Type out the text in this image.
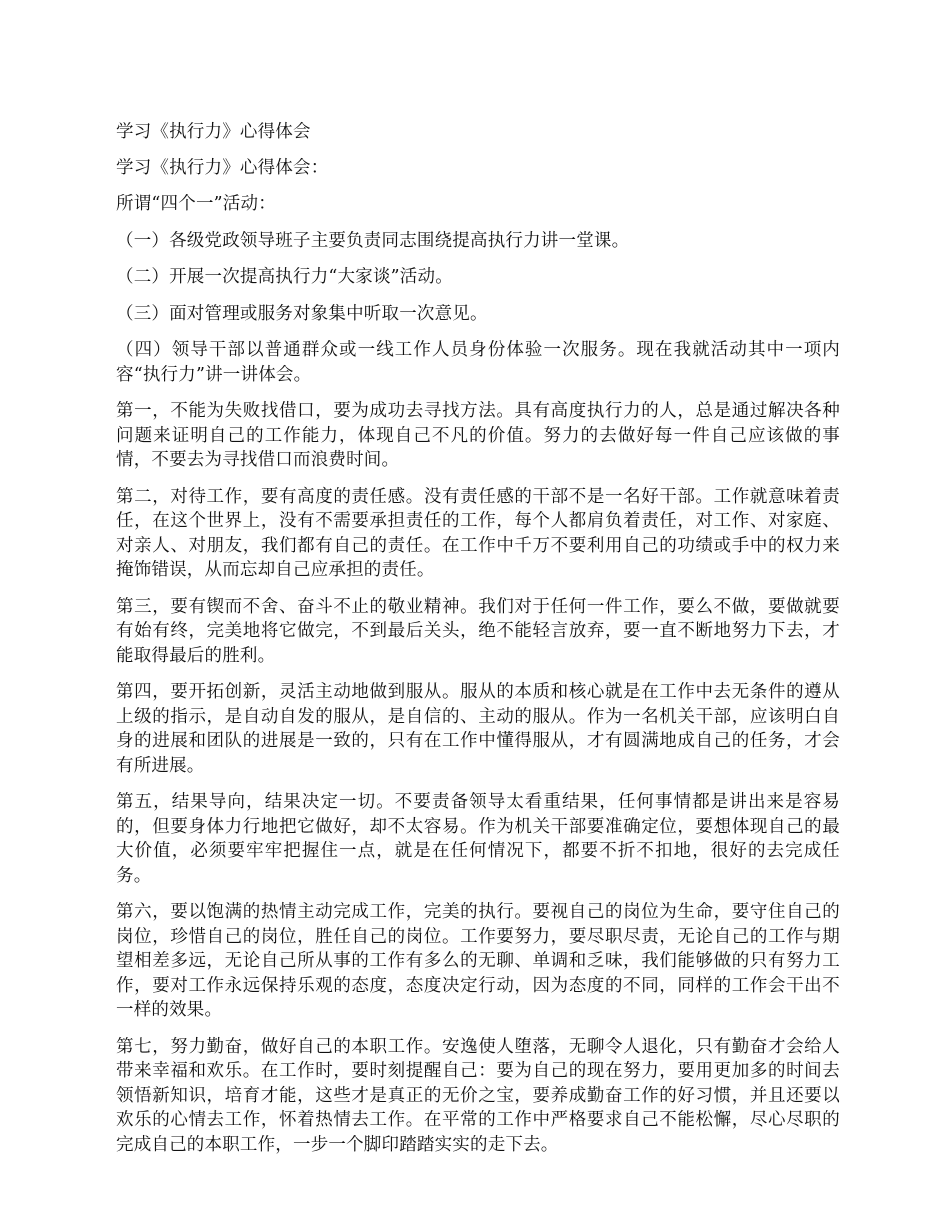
学习《执行力》心得体会

学习《执行力》心得体会：

所谓“四个一”活动：

（一）各级党政领导班子主要负责同志围绕提高执行力讲一堂课。

（二）开展一次提高执行力“大家谈”活动。

（三）面对管理或服务对象集中听取一次意见。

（四）领导干部以普通群众或一线工作人员身份体验一次服务。现在我就活动其中一项内容“执行力”讲一讲体会。

第一，不能为失败找借口，要为成功去寻找方法。具有高度执行力的人，总是通过解决各种问题来证明自己的工作能力，体现自己不凡的价值。努力的去做好每一件自己应该做的事情，不要去为寻找借口而浪费时间。

第二，对待工作，要有高度的责任感。没有责任感的干部不是一名好干部。工作就意味着责任，在这个世界上，没有不需要承担责任的工作，每个人都肩负着责任，对工作、对家庭、对亲人、对朋友，我们都有自己的责任。在工作中千万不要利用自己的功绩或手中的权力来掩饰错误，从而忘却自己应承担的责任。

第三，要有锲而不舍、奋斗不止的敬业精神。我们对于任何一件工作，要么不做，要做就要有始有终，完美地将它做完，不到最后关头，绝不能轻言放弃，要一直不断地努力下去，才能取得最后的胜利。

第四，要开拓创新，灵活主动地做到服从。服从的本质和核心就是在工作中去无条件的遵从上级的指示，是自动自发的服从，是自信的、主动的服从。作为一名机关干部，应该明白自身的进展和团队的进展是一致的，只有在工作中懂得服从，才有圆满地成自己的任务，才会有所进展。

第五，结果导向，结果决定一切。不要责备领导太看重结果，任何事情都是讲出来是容易的，但要身体力行地把它做好，却不太容易。作为机关干部要准确定位，要想体现自己的最大价值，必须要牢牢把握住一点，就是在任何情况下，都要不折不扣地，很好的去完成任务。

第六，要以饱满的热情主动完成工作，完美的执行。要视自己的岗位为生命，要守住自己的岗位，珍惜自己的岗位，胜任自己的岗位。工作要努力，要尽职尽责，无论自己的工作与期望相差多远，无论自己所从事的工作有多么的无聊、单调和乏味，我们能够做的只有努力工作，要对工作永远保持乐观的态度，态度决定行动，因为态度的不同，同样的工作会干出不一样的效果。

第七，努力勤奋，做好自己的本职工作。安逸使人堕落，无聊令人退化，只有勤奋才会给人带来幸福和欢乐。在工作时，要时刻提醒自己：要为自己的现在努力，要用更加多的时间去领悟新知识，培育才能，这些才是真正的无价之宝，要养成勤奋工作的好习惯，并且还要以欢乐的心情去工作，怀着热情去工作。在平常的工作中严格要求自己不能松懈，尽心尽职的完成自己的本职工作，一步一个脚印踏踏实实的走下去。
